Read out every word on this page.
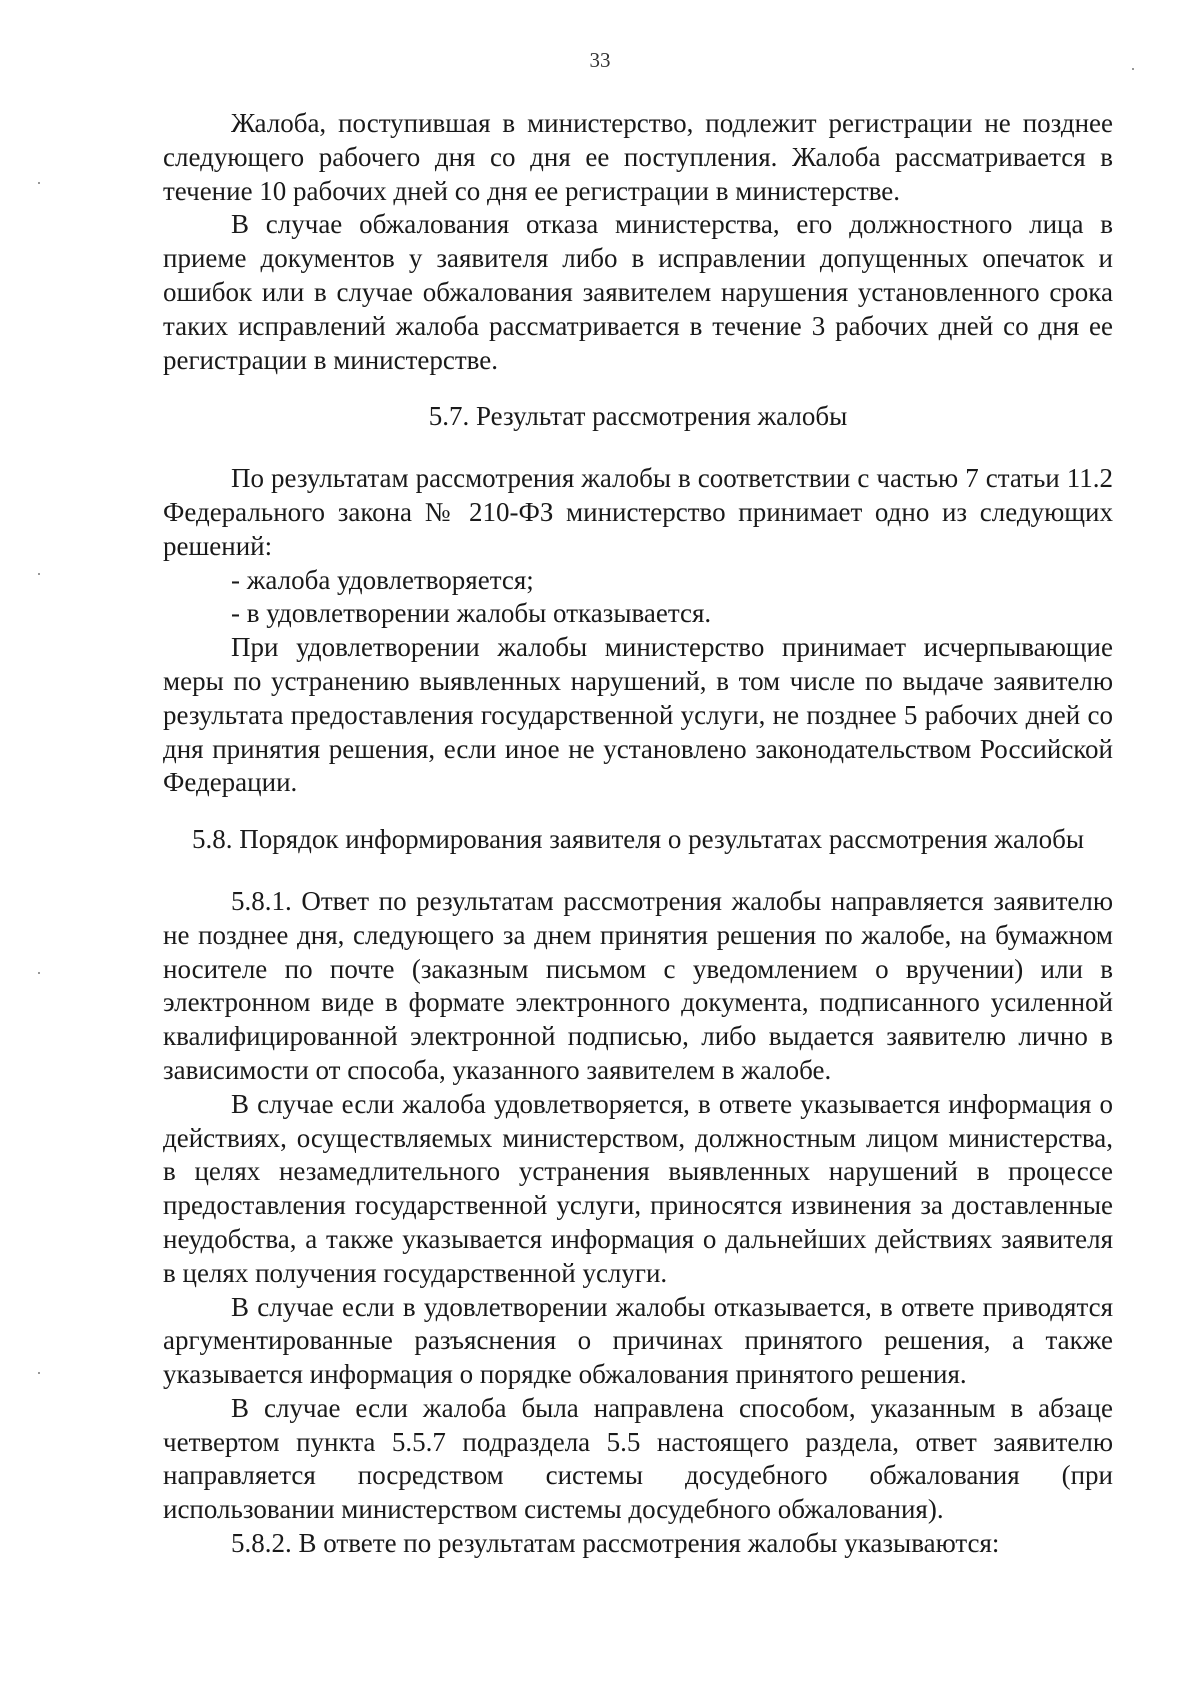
33

Жалоба, поступившая в министерство, подлежит регистрации не позднее следующего рабочего дня со дня ее поступления. Жалоба рассматривается в течение 10 рабочих дней со дня ее регистрации в министерстве.

В случае обжалования отказа министерства, его должностного лица в приеме документов у заявителя либо в исправлении допущенных опечаток и ошибок или в случае обжалования заявителем нарушения установленного срока таких исправлений жалоба рассматривается в течение 3 рабочих дней со дня ее регистрации в министерстве.

5.7. Результат рассмотрения жалобы

По результатам рассмотрения жалобы в соответствии с частью 7 статьи 11.2 Федерального закона № 210-ФЗ министерство принимает одно из следующих решений:

- жалоба удовлетворяется;

- в удовлетворении жалобы отказывается.

При удовлетворении жалобы министерство принимает исчерпывающие меры по устранению выявленных нарушений, в том числе по выдаче заявителю результата предоставления государственной услуги, не позднее 5 рабочих дней со дня принятия решения, если иное не установлено законодательством Российской Федерации.

5.8. Порядок информирования заявителя о результатах рассмотрения жалобы

5.8.1. Ответ по результатам рассмотрения жалобы направляется заявителю не позднее дня, следующего за днем принятия решения по жалобе, на бумажном носителе по почте (заказным письмом с уведомлением о вручении) или в электронном виде в формате электронного документа, подписанного усиленной квалифицированной электронной подписью, либо выдается заявителю лично в зависимости от способа, указанного заявителем в жалобе.

В случае если жалоба удовлетворяется, в ответе указывается информация о действиях, осуществляемых министерством, должностным лицом министерства, в целях незамедлительного устранения выявленных нарушений в процессе предоставления государственной услуги, приносятся извинения за доставленные неудобства, а также указывается информация о дальнейших действиях заявителя в целях получения государственной услуги.

В случае если в удовлетворении жалобы отказывается, в ответе приводятся аргументированные разъяснения о причинах принятого решения, а также указывается информация о порядке обжалования принятого решения.

В случае если жалоба была направлена способом, указанным в абзаце четвертом пункта 5.5.7 подраздела 5.5 настоящего раздела, ответ заявителю направляется посредством системы досудебного обжалования (при использовании министерством системы досудебного обжалования).

5.8.2. В ответе по результатам рассмотрения жалобы указываются:
